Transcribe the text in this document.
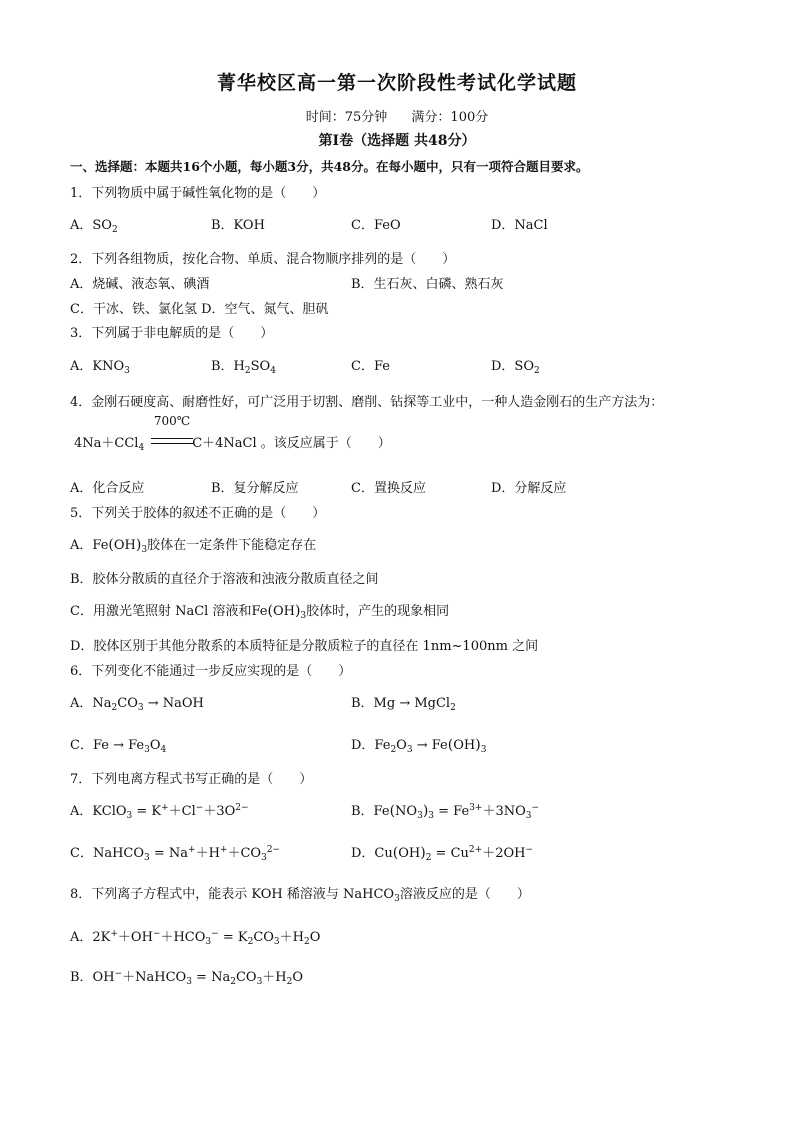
菁华校区高一第一次阶段性考试化学试题
时间：75分钟 满分：100分
第Ⅰ卷（选择题 共48分）
一、选择题：本题共16个小题，每小题3分，共48分。在每小题中，只有一项符合题目要求。
1．下列物质中属于碱性氧化物的是（　　）
A．$SO_2$	B．KOH	C．FeO	D．NaCl
2．下列各组物质，按化合物、单质、混合物顺序排列的是（　　）
A．烧碱、液态氧、碘酒	B．生石灰、白磷、熟石灰
C．干冰、铁、氯化氢 D．空气、氮气、胆矾
3．下列属于非电解质的是（　　）
A．$KNO_3$	B．$H_2SO_4$	C．Fe	D．$SO_2$
4．金刚石硬度高、耐磨性好，可广泛用于切割、磨削、钻探等工业中，一种人造金刚石的生产方法为：
700℃
4Na＋CCl$_4$	C＋4NaCl 。该反应属于（　　）
A．化合反应	B．复分解反应	C．置换反应	D．分解反应
5．下列关于胶体的叙述不正确的是（　　）
A．$Fe(OH)_3$胶体在一定条件下能稳定存在
B．胶体分散质的直径介于溶液和浊液分散质直径之间
C．用激光笔照射 NaCl 溶液和$Fe(OH)_3$胶体时，产生的现象相同
D．胶体区别于其他分散系的本质特征是分散质粒子的直径在 1nm~100nm 之间
6．下列变化不能通过一步反应实现的是（　　）
A．$Na_2CO_3$ → NaOH	B．Mg → MgCl$_2$
C．$Fe \to Fe_3O_4$	D．$Fe_2O_3 \to Fe(OH)_3$
7．下列电离方程式书写正确的是（　　）
A．KClO$_3$ = $K^++Cl^-+3O^{2-}$	B．$Fe(NO_3)_3 = Fe^{3+}+3NO_3^-$
C．NaHCO$_3$ = $Na^++H^++CO_3^{2-}$	D．$Cu(OH)_2 = Cu^{2+}+2OH^-$
8．下列离子方程式中，能表示 KOH 稀溶液与 NaHCO$_3$溶液反应的是（　　）
A．$2K^++OH^-+HCO_3^- = K_2CO_3+H_2O$
B．OH−＋NaHCO$_3$ = $Na_2CO_3+H_2O$
